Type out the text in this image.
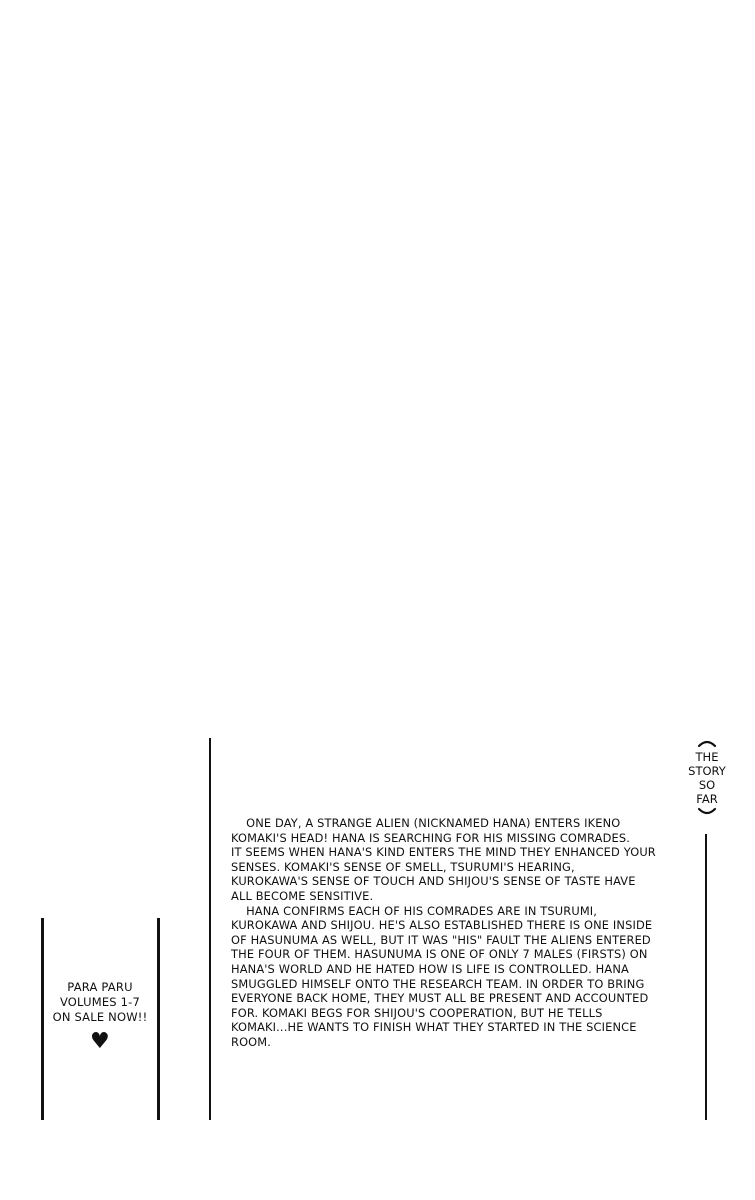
THE
STORY
SO
FAR
ONE DAY, A STRANGE ALIEN (NICKNAMED HANA) ENTERS IKENO
KOMAKI'S HEAD! HANA IS SEARCHING FOR HIS MISSING COMRADES.
IT SEEMS WHEN HANA'S KIND ENTERS THE MIND THEY ENHANCED YOUR
SENSES. KOMAKI'S SENSE OF SMELL, TSURUMI'S HEARING,
KUROKAWA'S SENSE OF TOUCH AND SHIJOU'S SENSE OF TASTE HAVE
ALL BECOME SENSITIVE.
HANA CONFIRMS EACH OF HIS COMRADES ARE IN TSURUMI,
KUROKAWA AND SHIJOU. HE'S ALSO ESTABLISHED THERE IS ONE INSIDE
OF HASUNUMA AS WELL, BUT IT WAS "HIS" FAULT THE ALIENS ENTERED
THE FOUR OF THEM. HASUNUMA IS ONE OF ONLY 7 MALES (FIRSTS) ON
HANA'S WORLD AND HE HATED HOW IS LIFE IS CONTROLLED. HANA
SMUGGLED HIMSELF ONTO THE RESEARCH TEAM. IN ORDER TO BRING
EVERYONE BACK HOME, THEY MUST ALL BE PRESENT AND ACCOUNTED
FOR. KOMAKI BEGS FOR SHIJOU'S COOPERATION, BUT HE TELLS
KOMAKI...HE WANTS TO FINISH WHAT THEY STARTED IN THE SCIENCE
ROOM.
PARA PARU
VOLUMES 1-7
ON SALE NOW!!
♥
